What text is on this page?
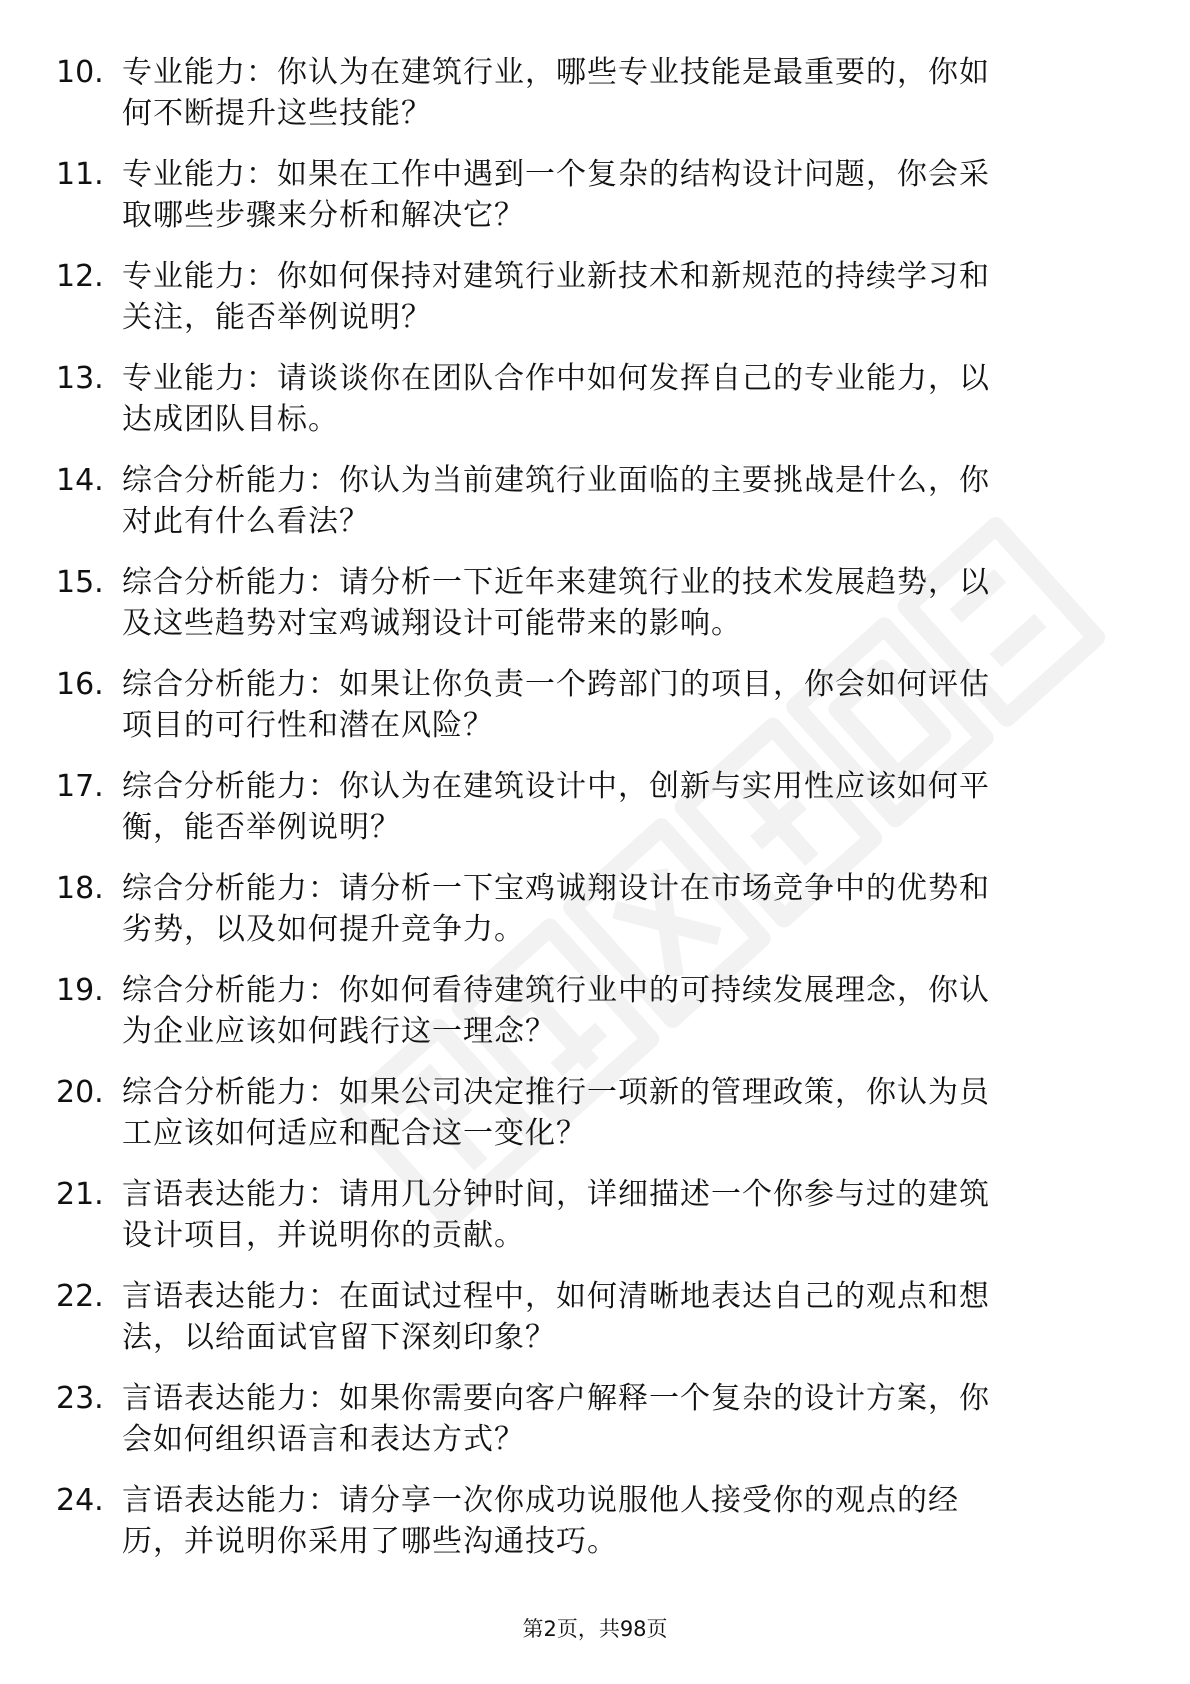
10. 专业能力：你认为在建筑行业，哪些专业技能是最重要的，你如
何不断提升这些技能？
11. 专业能力：如果在工作中遇到一个复杂的结构设计问题，你会采
取哪些步骤来分析和解决它？
12. 专业能力：你如何保持对建筑行业新技术和新规范的持续学习和
关注，能否举例说明？
13. 专业能力：请谈谈你在团队合作中如何发挥自己的专业能力，以
达成团队目标。
14. 综合分析能力：你认为当前建筑行业面临的主要挑战是什么，你
对此有什么看法？
15. 综合分析能力：请分析一下近年来建筑行业的技术发展趋势，以
及这些趋势对宝鸡诚翔设计可能带来的影响。
16. 综合分析能力：如果让你负责一个跨部门的项目，你会如何评估
项目的可行性和潜在风险？
17. 综合分析能力：你认为在建筑设计中，创新与实用性应该如何平
衡，能否举例说明？
18. 综合分析能力：请分析一下宝鸡诚翔设计在市场竞争中的优势和
劣势，以及如何提升竞争力。
19. 综合分析能力：你如何看待建筑行业中的可持续发展理念，你认
为企业应该如何践行这一理念？
20. 综合分析能力：如果公司决定推行一项新的管理政策，你认为员
工应该如何适应和配合这一变化？
21. 言语表达能力：请用几分钟时间，详细描述一个你参与过的建筑
设计项目，并说明你的贡献。
22. 言语表达能力：在面试过程中，如何清晰地表达自己的观点和想
法，以给面试官留下深刻印象？
23. 言语表达能力：如果你需要向客户解释一个复杂的设计方案，你
会如何组织语言和表达方式？
24. 言语表达能力：请分享一次你成功说服他人接受你的观点的经
历，并说明你采用了哪些沟通技巧。
第2页，共98页
